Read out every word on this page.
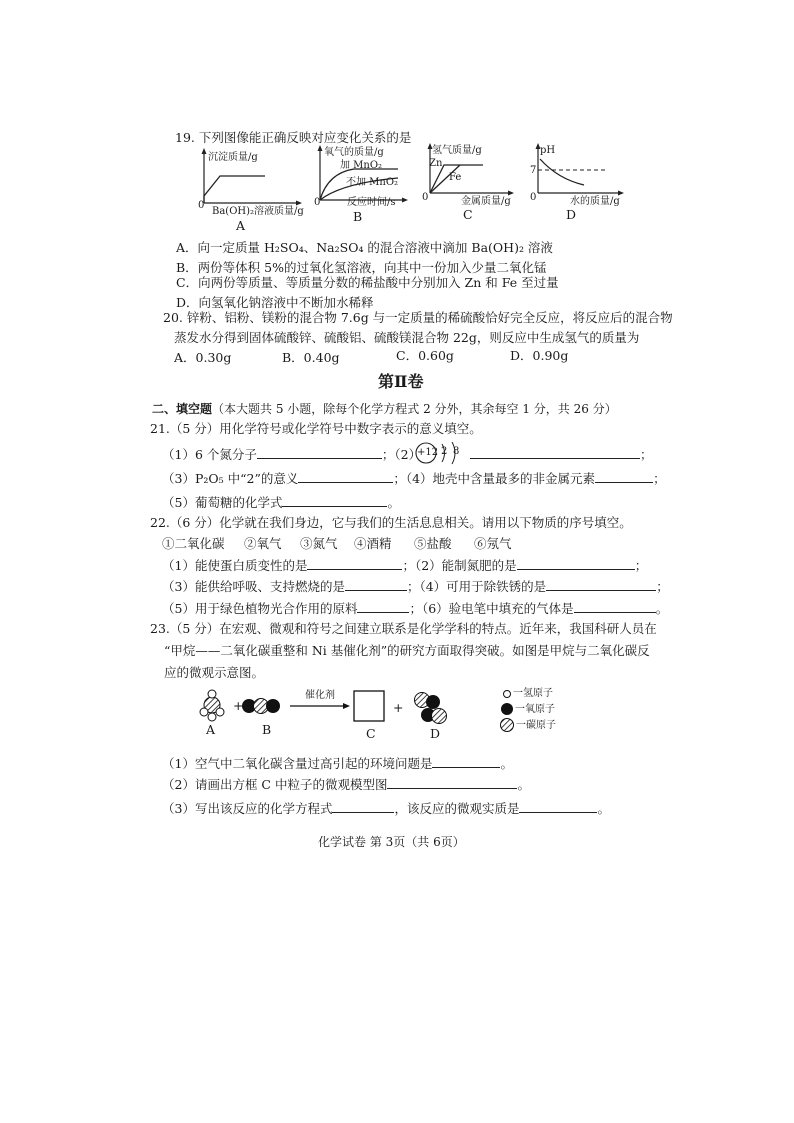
19. 下列图像能正确反映对应变化关系的是
沉淀质量/g
0
Ba(OH)₂溶液质量/g
A
氧气的质量/g
加 MnO₂
不加 MnO₂
0	反应时间/s
B
氢气质量/g
Zn
Fe
0	金属质量/g
C
pH
7
0	水的质量/g
D
A．向一定质量 H₂SO₄、Na₂SO₄ 的混合溶液中滴加 Ba(OH)₂ 溶液
B．两份等体积 5%的过氧化氢溶液，向其中一份加入少量二氧化锰
C．向两份等质量、等质量分数的稀盐酸中分别加入 Zn 和 Fe 至过量
D．向氢氧化钠溶液中不断加水稀释
20. 锌粉、铝粉、镁粉的混合物 7.6g 与一定质量的稀硫酸恰好完全反应，将反应后的混合物
蒸发水分得到固体硫酸锌、硫酸铝、硫酸镁混合物 22g，则反应中生成氢气的质量为
A．0.30g	B．0.40g	C．0.60g	D．0.90g
第Ⅱ卷
二、填空题（本大题共 5 小题，除每个化学方程式 2 分外，其余每空 1 分，共 26 分）
21.（5 分）用化学符号或化学符号中数字表示的意义填空。
（1）6 个氮分子	；（2）
+12 2 8	；
（3）P₂O₅ 中“2”的意义	；（4）地壳中含量最多的非金属元素	；
（5）葡萄糖的化学式	。
22.（6 分）化学就在我们身边，它与我们的生活息息相关。请用以下物质的序号填空。
①二氧化碳 ②氧气 ③氮气 ④酒精 ⑤盐酸 ⑥氖气
（1）能使蛋白质变性的是	；（2）能制氮肥的是	；
（3）能供给呼吸、支持燃烧的是	；（4）可用于除铁锈的是	；
（5）用于绿色植物光合作用的原料	；（6）验电笔中填充的气体是	。
23.（5 分）在宏观、微观和符号之间建立联系是化学学科的特点。近年来，我国科研人员在
“甲烷——二氧化碳重整和 Ni 基催化剂”的研究方面取得突破。如图是甲烷与二氧化碳反
应的微观示意图。
+	+
催化剂
A	B	C	D
一氢原子
一氧原子
一碳原子
（1）空气中二氧化碳含量过高引起的环境问题是	。
（2）请画出方框 C 中粒子的微观模型图	。
（3）写出该反应的化学方程式	，该反应的微观实质是	。
化学试卷 第 3页（共 6页）
